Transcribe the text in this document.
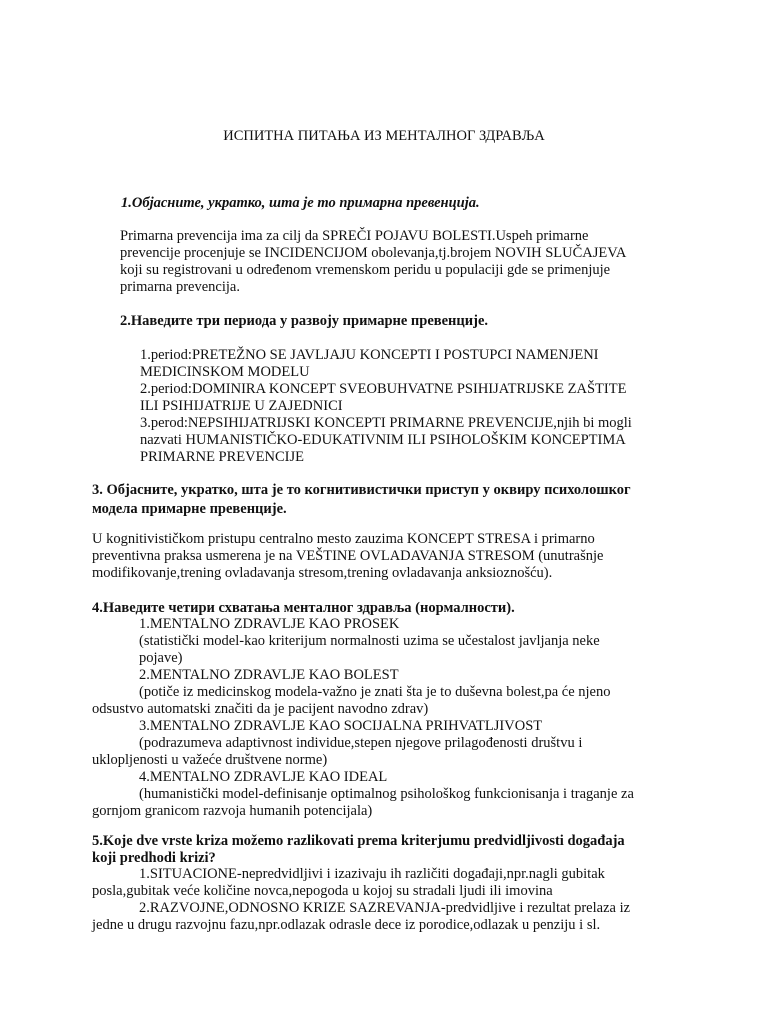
ИСПИТНА ПИТАЊА ИЗ МЕНТАЛНОГ ЗДРАВЉА
1.Објасните, укратко, шта је то примарна превенција.
Primarna prevencija ima za cilj da SPREČI POJAVU BOLESTI.Uspeh primarne
prevencije procenjuje se INCIDENCIJOM obolevanja,tj.brojem NOVIH SLUČAJEVA
koji su registrovani u određenom vremenskom peridu u populaciji gde se primenjuje
primarna prevencija.
2.Наведите три периода у развоју примарне превенције.
1.period:PRETEŽNO SE JAVLJAJU KONCEPTI I POSTUPCI NAMENJENI
MEDICINSKOM MODELU
2.period:DOMINIRA KONCEPT SVEOBUHVATNE PSIHIJATRIJSKE ZAŠTITE
ILI PSIHIJATRIJE U ZAJEDNICI
3.perod:NEPSIHIJATRIJSKI KONCEPTI PRIMARNE PREVENCIJE,njih bi mogli
nazvati HUMANISTIČKO-EDUKATIVNIM ILI PSIHOLOŠKIM KONCEPTIMA
PRIMARNE PREVENCIJE
3. Објасните, укратко, шта је то когнитивистички приступ у оквиру психолошког
модела примарне превенције.
U kognitivističkom pristupu centralno mesto zauzima KONCEPT STRESA i primarno
preventivna praksa usmerena je na VEŠTINE OVLADAVANJA STRESOM (unutrašnje
modifikovanje,trening ovladavanja stresom,trening ovladavanja anksioznošću).
4.Наведите четири схватања менталног здравља (нормалности).
1.MENTALNO ZDRAVLJE KAO PROSEK
(statistički model-kao kriterijum normalnosti uzima se učestalost javljanja neke
pojave)
2.MENTALNO ZDRAVLJE KAO BOLEST
(potiče iz medicinskog modela-važno je znati šta je to duševna bolest,pa će njeno
odsustvo automatski značiti da je pacijent navodno zdrav)
3.MENTALNO ZDRAVLJE KAO SOCIJALNA PRIHVATLJIVOST
(podrazumeva adaptivnost individue,stepen njegove prilagođenosti društvu i
uklopljenosti u važeće društvene norme)
4.MENTALNO ZDRAVLJE KAO IDEAL
(humanistički model-definisanje optimalnog psihološkog funkcionisanja i traganje za
gornjom granicom razvoja humanih potencijala)
5.Koje dve vrste kriza možemo razlikovati prema kriterjumu predvidljivosti događaja
koji predhodi krizi?
1.SITUACIONE-nepredvidljivi i izazivaju ih različiti događaji,npr.nagli gubitak
posla,gubitak veće količine novca,nepogoda u kojoj su stradali ljudi ili imovina
2.RAZVOJNE,ODNOSNO KRIZE SAZREVANJA-predvidljive i rezultat prelaza iz
jedne u drugu razvojnu fazu,npr.odlazak odrasle dece iz porodice,odlazak u penziju i sl.
